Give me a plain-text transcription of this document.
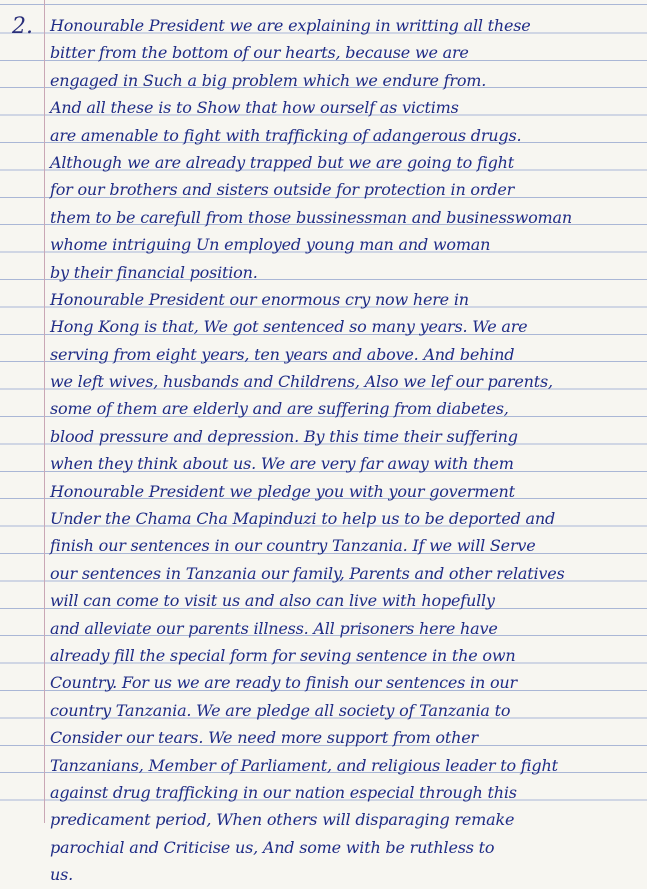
2. Honourable President we are explaining in writting all these
bitter from the bottom of our hearts, because we are
engaged in Such a big problem which we endure from.
And all these is to Show that how ourself as victims
are amenable to fight with trafficking of adangerous drugs.
Although we are already trapped but we are going to fight
for our brothers and sisters outside for protection in order
them to be carefull from those bussinessman and businesswoman
whome intriguing Un employed young man and woman
by their financial position.
Honourable President our enormous cry now here in
Hong Kong is that, We got sentenced so many years. We are
serving from eight years, ten years and above. And behind
we left wives, husbands and Childrens, Also we lef our parents,
some of them are elderly and are suffering from diabetes,
blood pressure and depression. By this time their suffering
when they think about us. We are very far away with them
Honourable President we pledge you with your goverment
Under the Chama Cha Mapinduzi to help us to be deported and
finish our sentences in our country Tanzania. If we will Serve
our sentences in Tanzania our family, Parents and other relatives
will can come to visit us and also can live with hopefully
and alleviate our parents illness. All prisoners here have
already fill the special form for seving sentence in the own
Country. For us we are ready to finish our sentences in our
country Tanzania. We are pledge all society of Tanzania to
Consider our tears. We need more support from other
Tanzanians, Member of Parliament, and religious leader to fight
against drug trafficking in our nation especial through this
predicament period, When others will disparaging remake
parochial and Criticise us, And some with be ruthless to
us.
